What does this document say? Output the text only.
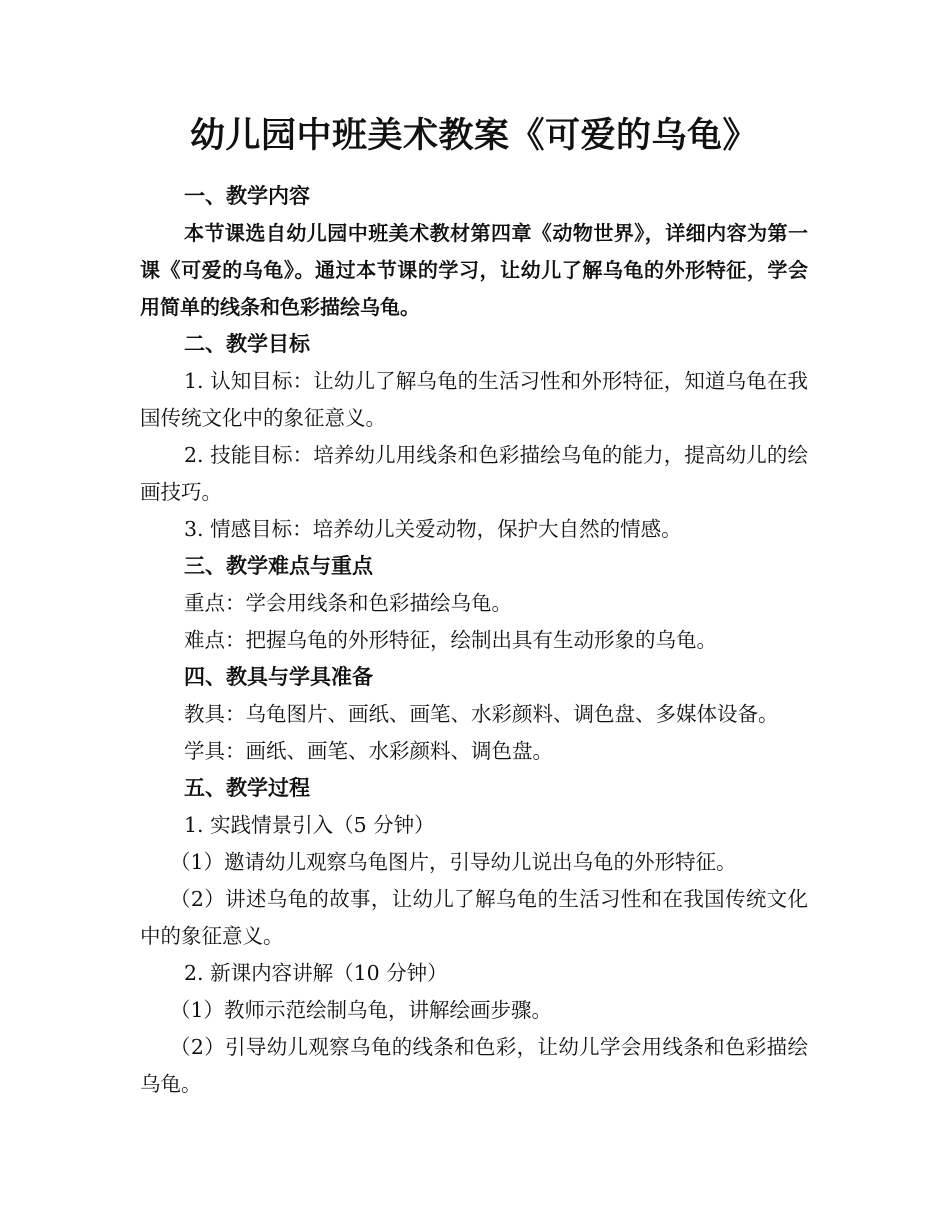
幼儿园中班美术教案《可爱的乌龟》

一、教学内容

本节课选自幼儿园中班美术教材第四章《动物世界》，详细内容为第一课《可爱的乌龟》。通过本节课的学习，让幼儿了解乌龟的外形特征，学会用简单的线条和色彩描绘乌龟。

二、教学目标

1. 认知目标：让幼儿了解乌龟的生活习性和外形特征，知道乌龟在我国传统文化中的象征意义。

2. 技能目标：培养幼儿用线条和色彩描绘乌龟的能力，提高幼儿的绘画技巧。

3. 情感目标：培养幼儿关爱动物，保护大自然的情感。

三、教学难点与重点

重点：学会用线条和色彩描绘乌龟。

难点：把握乌龟的外形特征，绘制出具有生动形象的乌龟。

四、教具与学具准备

教具：乌龟图片、画纸、画笔、水彩颜料、调色盘、多媒体设备。

学具：画纸、画笔、水彩颜料、调色盘。

五、教学过程

1. 实践情景引入（5 分钟）

（1）邀请幼儿观察乌龟图片，引导幼儿说出乌龟的外形特征。

（2）讲述乌龟的故事，让幼儿了解乌龟的生活习性和在我国传统文化中的象征意义。

2. 新课内容讲解（10 分钟）

（1）教师示范绘制乌龟，讲解绘画步骤。

（2）引导幼儿观察乌龟的线条和色彩，让幼儿学会用线条和色彩描绘乌龟。
